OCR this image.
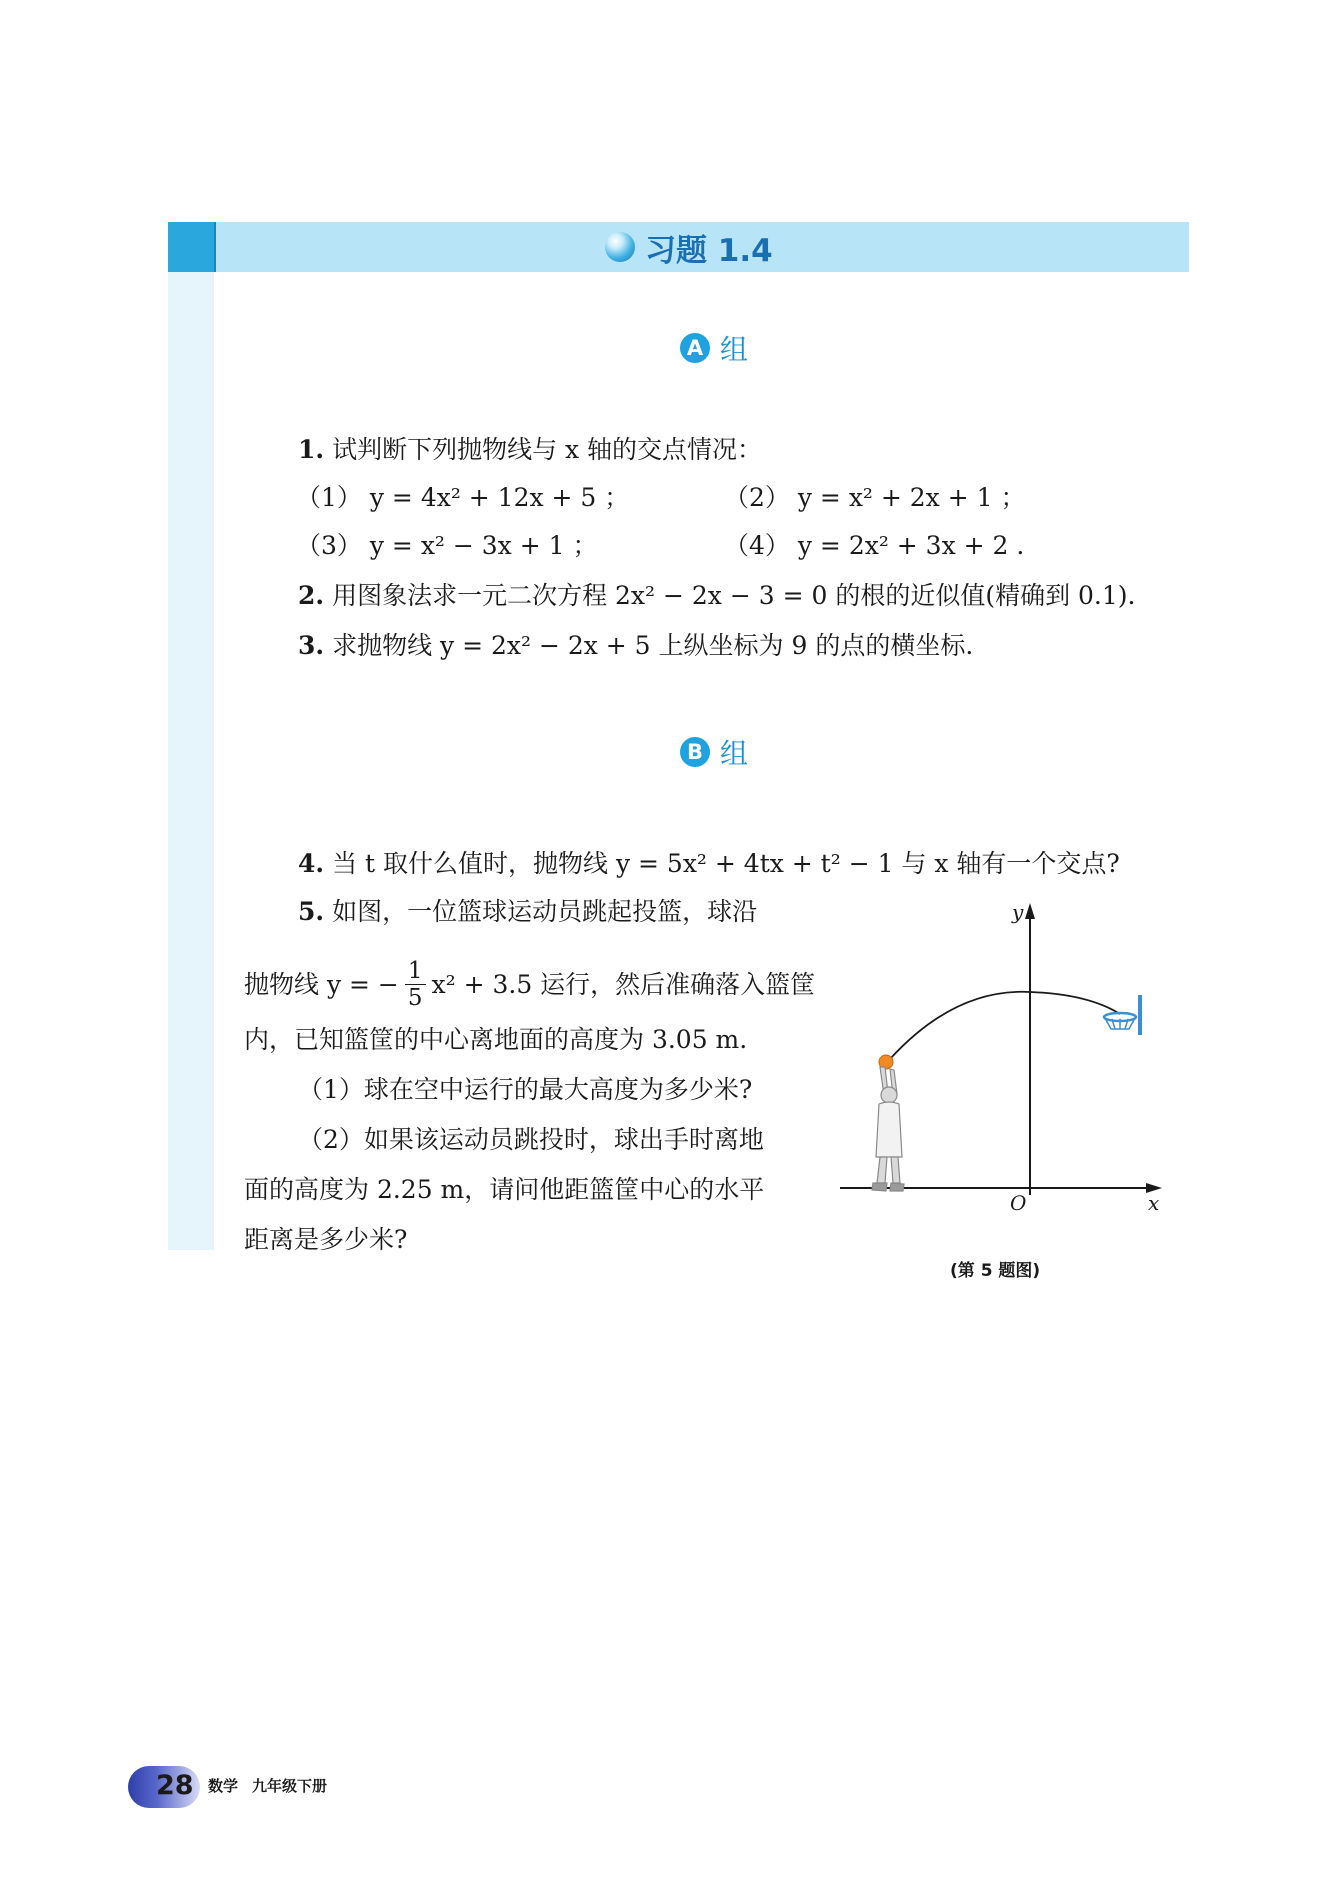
习题 1.4
A 组
1. 试判断下列抛物线与 x 轴的交点情况：
（1） y = 4x² + 12x + 5 ；	（2） y = x² + 2x + 1 ；
（3） y = x² − 3x + 1 ；	（4） y = 2x² + 3x + 2 .
2. 用图象法求一元二次方程 2x² − 2x − 3 = 0 的根的近似值(精确到 0.1).
3. 求抛物线 y = 2x² − 2x + 5 上纵坐标为 9 的点的横坐标.
B 组
4. 当 t 取什么值时，抛物线 y = 5x² + 4tx + t² − 1 与 x 轴有一个交点?
5. 如图，一位篮球运动员跳起投篮，球沿
抛物线 y = − $\frac{1}{5} x^2 + 3.5$ 运行，然后准确落入篮筐
内，已知篮筐的中心离地面的高度为 3.05 m.
（1）球在空中运行的最大高度为多少米?
（2）如果该运动员跳投时，球出手时离地
面的高度为 2.25 m，请问他距篮筐中心的水平
距离是多少米?
y
x
O
(第 5 题图)
28 数学 九年级下册
